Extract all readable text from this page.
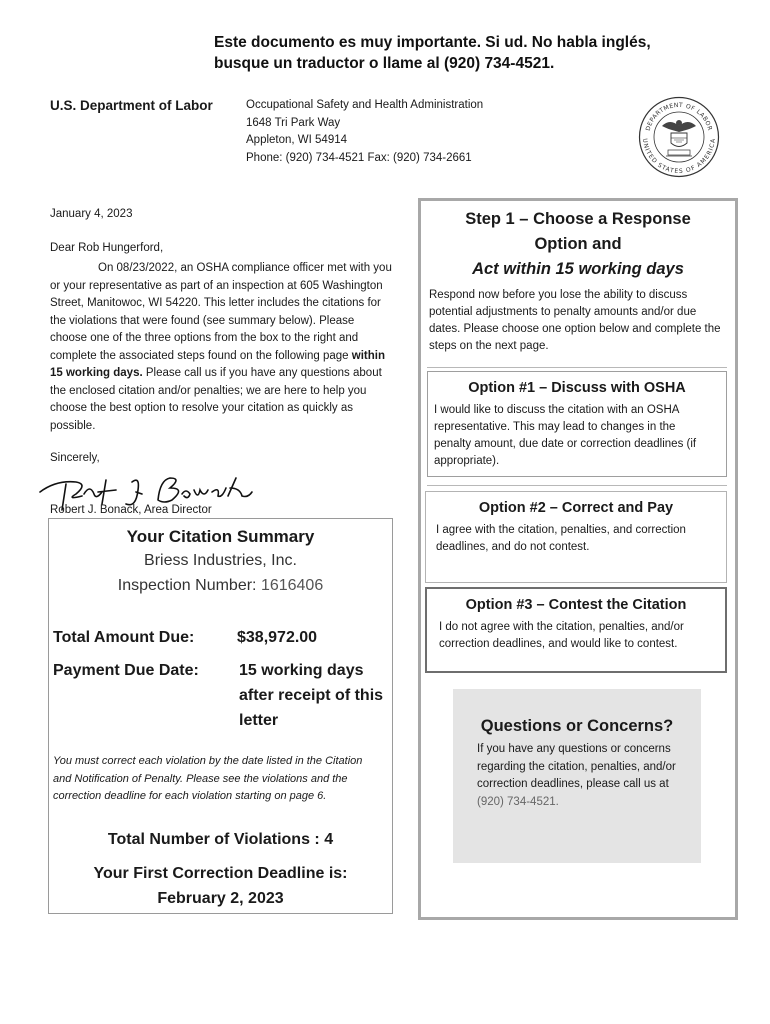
Este documento es muy importante. Si ud. No habla inglés,
busque un traductor o llame al (920) 734-4521.
U.S. Department of Labor	Occupational Safety and Health Administration
1648 Tri Park Way
Appleton, WI 54914
Phone: (920) 734-4521 Fax: (920) 734-2661
DEPARTMENT OF LABOR
UNITED STATES OF AMERICA
January 4, 2023
Dear Rob Hungerford,
On 08/23/2022, an OSHA compliance officer met with you or your representative as part of an inspection at 605 Washington Street, Manitowoc, WI 54220. This letter includes the citations for the violations that were found (see summary below). Please choose one of the three options from the box to the right and complete the associated steps found on the following page within 15 working days. Please call us if you have any questions about the enclosed citation and/or penalties; we are here to help you choose the best option to resolve your citation as quickly as possible.
Sincerely,
Robert J. Bonack, Area Director
Your Citation Summary
Briess Industries, Inc.
Inspection Number: 1616406
Total Amount Due:	$38,972.00
Payment Due Date:	15 working days after receipt of this letter
You must correct each violation by the date listed in the Citation and Notification of Penalty. Please see the violations and the correction deadline for each violation starting on page 6.
Total Number of Violations : 4
Your First Correction Deadline is:
February 2, 2023
Step 1 – Choose a Response
Option and
Act within 15 working days
Respond now before you lose the ability to discuss potential adjustments to penalty amounts and/or due dates. Please choose one option below and complete the steps on the next page.
Option #1 – Discuss with OSHA
I would like to discuss the citation with an OSHA representative. This may lead to changes in the penalty amount, due date or correction deadlines (if appropriate).
Option #2 – Correct and Pay
I agree with the citation, penalties, and correction deadlines, and do not contest.
Option #3 – Contest the Citation
I do not agree with the citation, penalties, and/or correction deadlines, and would like to contest.
Questions or Concerns?
If you have any questions or concerns regarding the citation, penalties, and/or correction deadlines, please call us at (920) 734-4521.
